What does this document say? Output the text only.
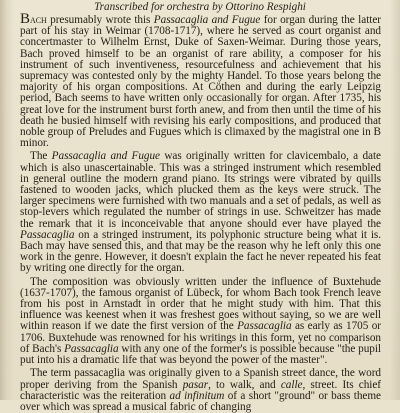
Transcribed for orchestra by Ottorino Respighi

Bach presumably wrote this Passacaglia and Fugue for organ during the latter part of his stay in Weimar (1708-1717), where he served as court organist and concertmaster to Wilhelm Ernst, Duke of Saxen-Weimar. During those years, Bach proved himself to be an organist of rare ability, a composer for his instrument of such inventiveness, resourcefulness and achievement that his supremacy was contested only by the mighty Handel. To those years belong the majority of his organ compositions. At Cöthen and during the early Leipzig period, Bach seems to have written only occasionally for organ. After 1735, his great love for the instrument burst forth anew, and from then until the time of his death he busied himself with revising his early compositions, and produced that noble group of Preludes and Fugues which is climaxed by the magistral one in B minor.

The Passacaglia and Fugue was originally written for clavicembalo, a date which is also unascertainable. This was a stringed instrument which resembled in general outline the modern grand piano. Its strings were vibrated by quills fastened to wooden jacks, which plucked them as the keys were struck. The larger specimens were furnished with two manuals and a set of pedals, as well as stop-levers which regulated the number of strings in use. Schweitzer has made the remark that it is inconceivable that anyone should ever have played the Passacaglia on a stringed instrument, its polyphonic structure being what it is. Bach may have sensed this, and that may be the reason why he left only this one work in the genre. However, it doesn't explain the fact he never repeated his feat by writing one directly for the organ.

The composition was obviously written under the influence of Buxtehude (1637-1707), the famous organist of Lübeck, for whom Bach took French leave from his post in Arnstadt in order that he might study with him. That this influence was keenest when it was freshest goes without saying, so we are well within reason if we date the first version of the Passacaglia as early as 1705 or 1706. Buxtehude was renowned for his writings in this form, yet no comparison of Bach's Passacaglia with any one of the former's is possible because "the pupil put into his a dramatic life that was beyond the power of the master".

The term passacaglia was originally given to a Spanish street dance, the word proper deriving from the Spanish pasar, to walk, and calle, street. Its chief characteristic was the reiteration ad infinitum of a short "ground" or bass theme over which was spread a musical fabric of changing
